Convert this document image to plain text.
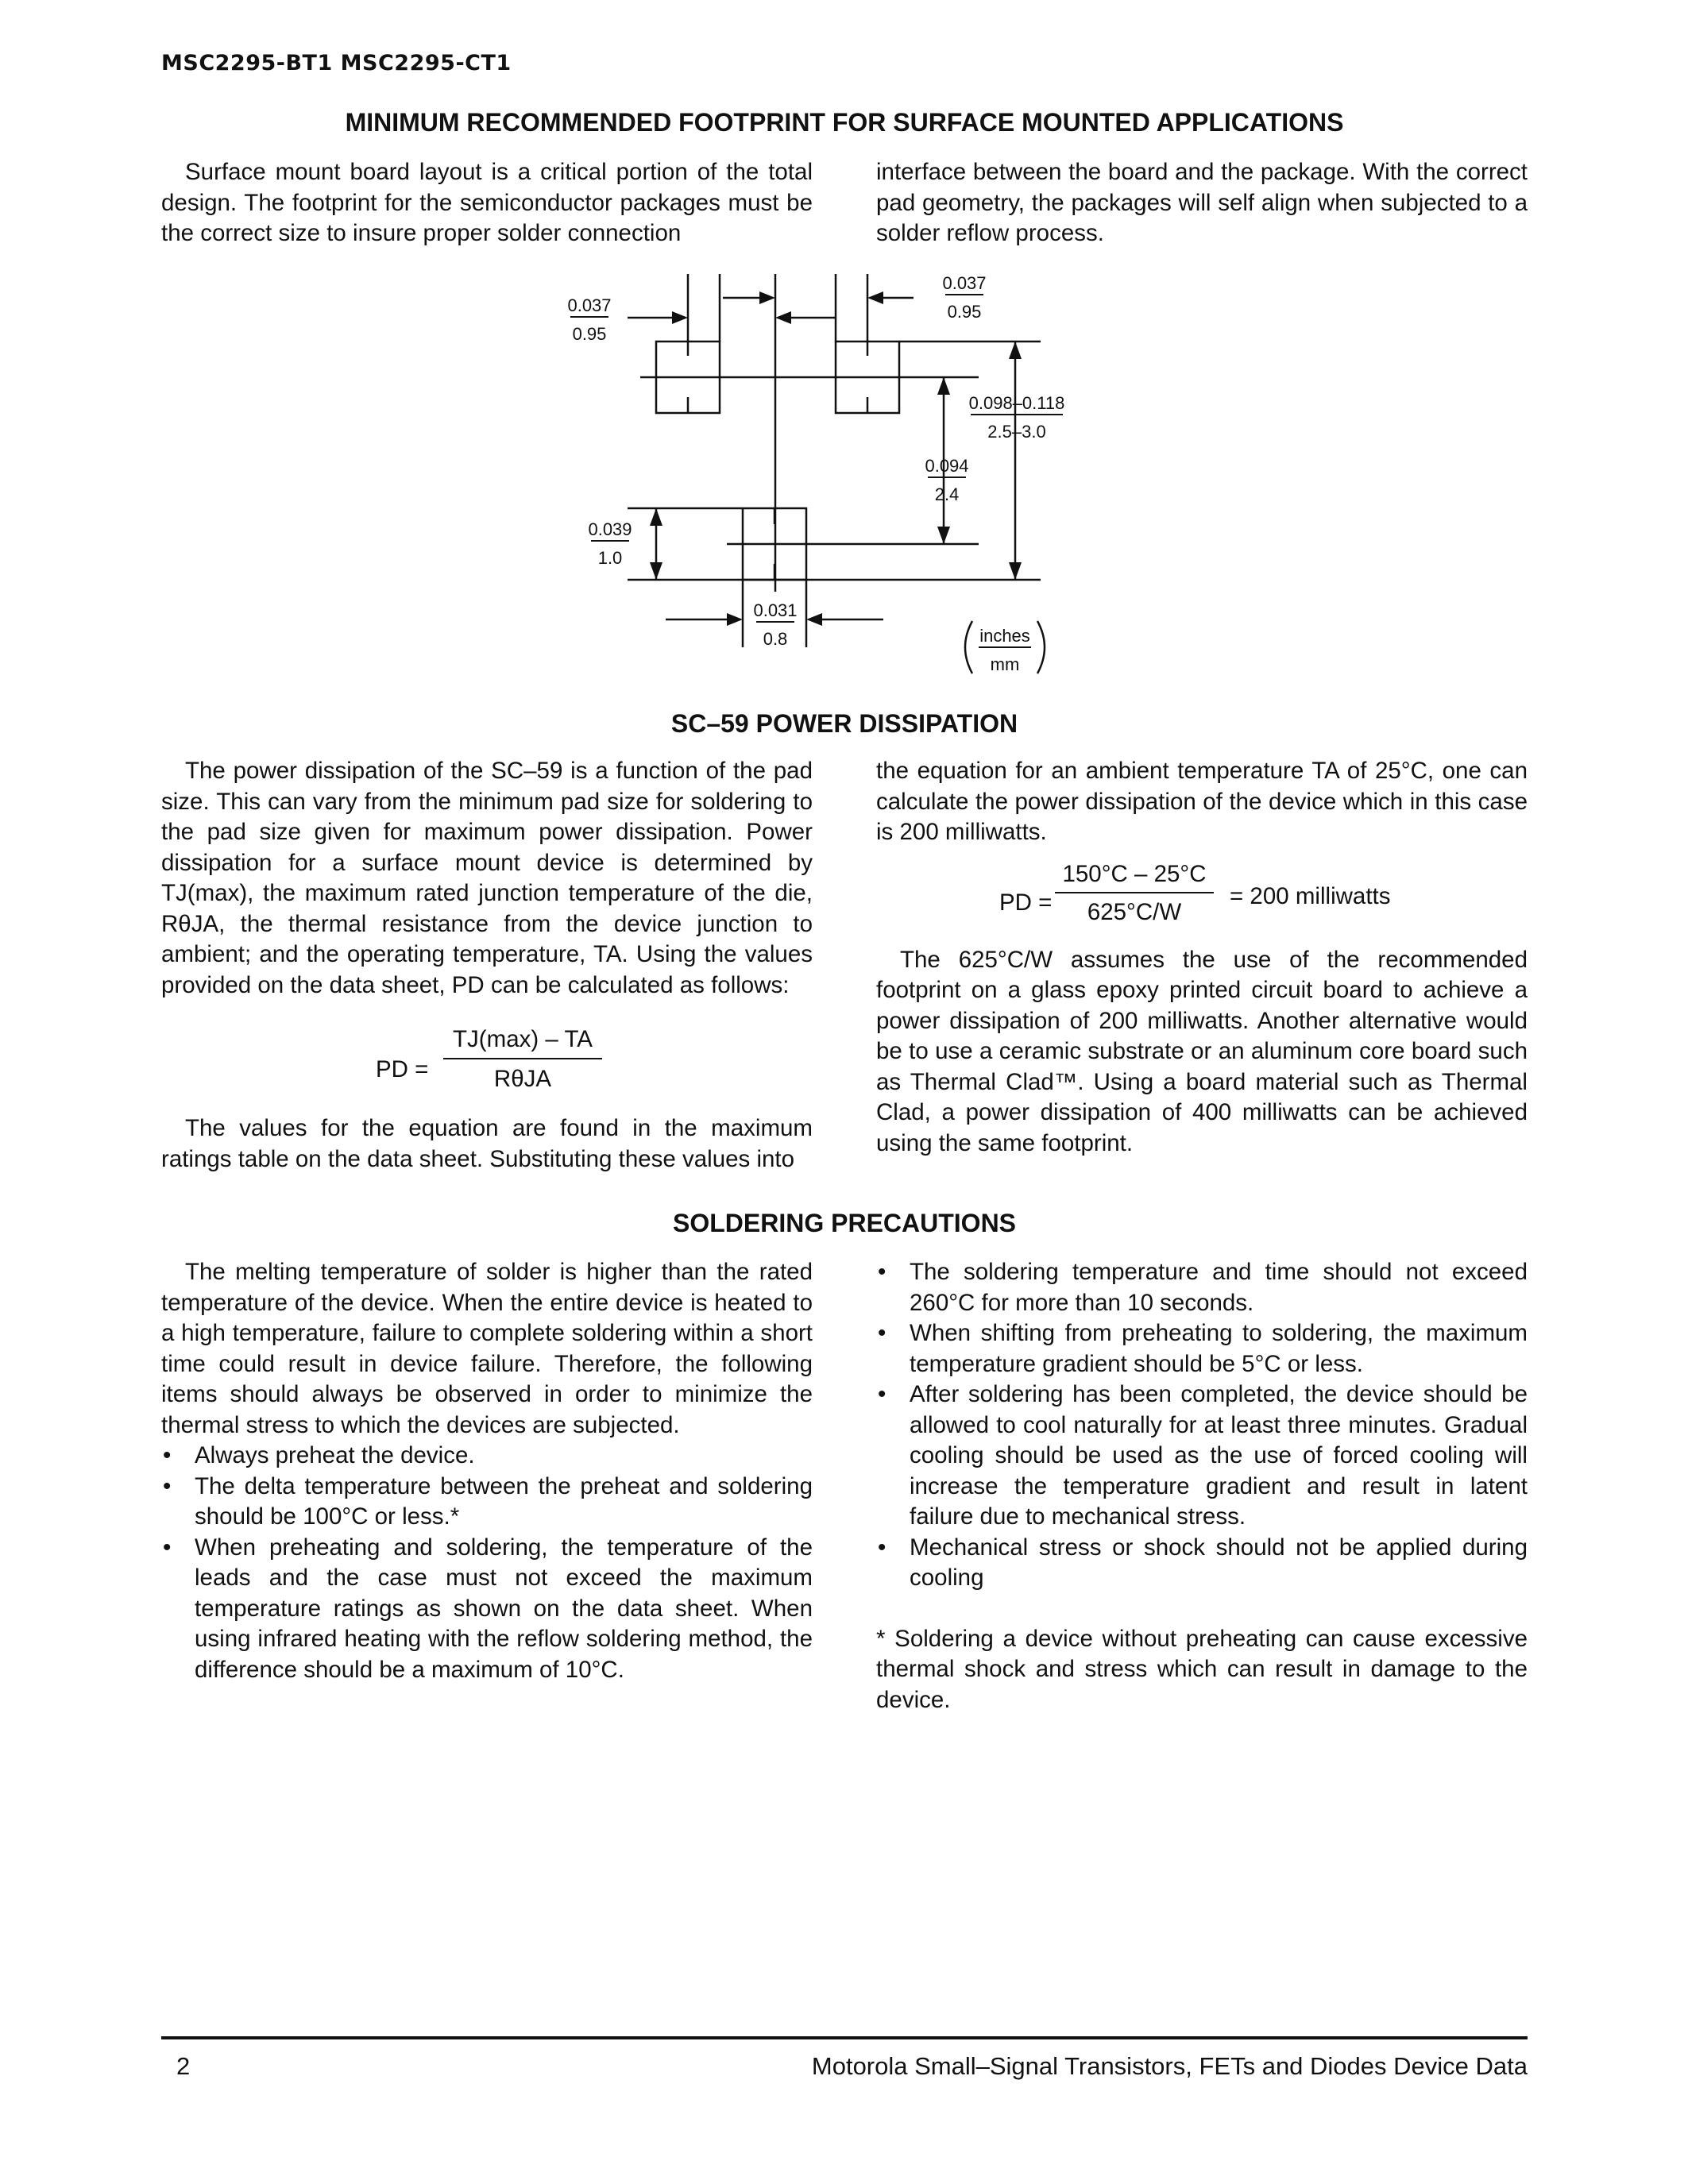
MSC2295-BT1 MSC2295-CT1
MINIMUM RECOMMENDED FOOTPRINT FOR SURFACE MOUNTED APPLICATIONS

Surface mount board layout is a critical portion of the total design. The footprint for the semiconductor packages must be the correct size to insure proper solder connection

interface between the board and the package. With the correct pad geometry, the packages will self align when subjected to a solder reflow process.

0.037
0.95
0.037
0.95
0.098–0.118
2.5–3.0
0.094
2.4
0.039
1.0
0.031
0.8	inches
mm
SC–59 POWER DISSIPATION

The power dissipation of the SC–59 is a function of the pad size. This can vary from the minimum pad size for soldering to the pad size given for maximum power dissipation. Power dissipation for a surface mount device is determined by TJ(max), the maximum rated junction temperature of the die, RθJA, the thermal resistance from the device junction to ambient; and the operating temperature, TA. Using the values provided on the data sheet, PD can be calculated as follows:

PD =
TJ(max) – TA
RθJA

The values for the equation are found in the maximum ratings table on the data sheet. Substituting these values into

the equation for an ambient temperature TA of 25°C, one can calculate the power dissipation of the device which in this case is 200 milliwatts.

PD =
150°C – 25°C
625°C/W
= 200 milliwatts

The 625°C/W assumes the use of the recommended footprint on a glass epoxy printed circuit board to achieve a power dissipation of 200 milliwatts. Another alternative would be to use a ceramic substrate or an aluminum core board such as Thermal Clad™. Using a board material such as Thermal Clad, a power dissipation of 400 milliwatts can be achieved using the same footprint.

SOLDERING PRECAUTIONS

The melting temperature of solder is higher than the rated temperature of the device. When the entire device is heated to a high temperature, failure to complete soldering within a short time could result in device failure. Therefore, the following items should always be observed in order to minimize the thermal stress to which the devices are subjected.

• Always preheat the device.

• The delta temperature between the preheat and soldering should be 100°C or less.*

• When preheating and soldering, the temperature of the leads and the case must not exceed the maximum temperature ratings as shown on the data sheet. When using infrared heating with the reflow soldering method, the difference should be a maximum of 10°C.

• The soldering temperature and time should not exceed 260°C for more than 10 seconds.

• When shifting from preheating to soldering, the maximum temperature gradient should be 5°C or less.

• After soldering has been completed, the device should be allowed to cool naturally for at least three minutes. Gradual cooling should be used as the use of forced cooling will increase the temperature gradient and result in latent failure due to mechanical stress.

• Mechanical stress or shock should not be applied during cooling

* Soldering a device without preheating can cause excessive thermal shock and stress which can result in damage to the device.

2	Motorola Small–Signal Transistors, FETs and Diodes Device Data
